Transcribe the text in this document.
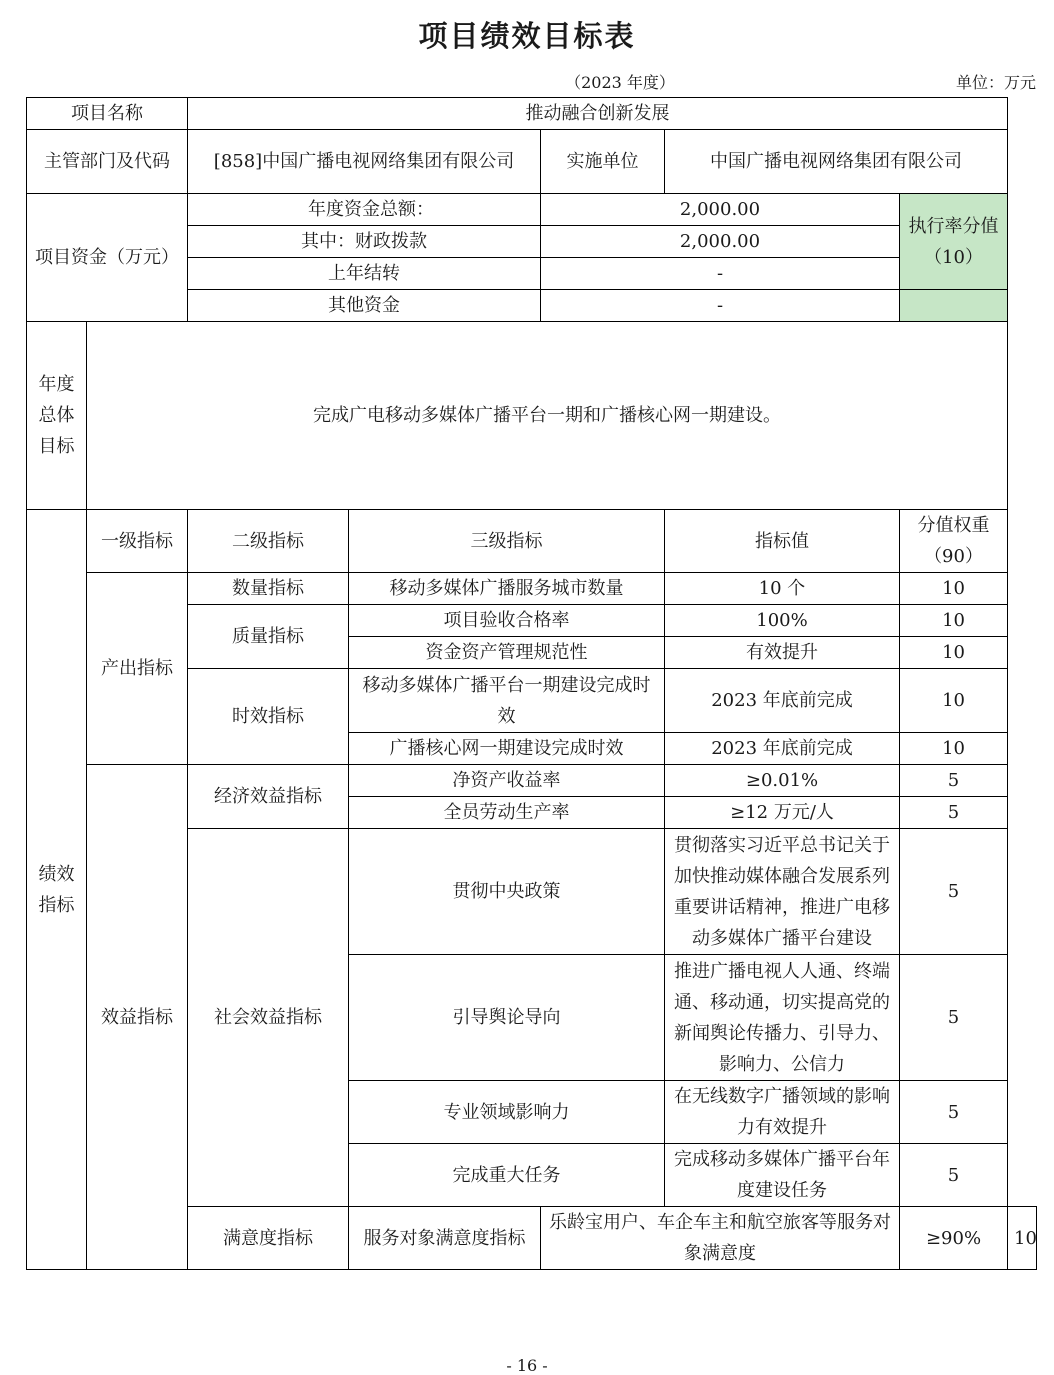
项目绩效目标表
（2023 年度）	单位：万元
项目名称		推动融合创新发展					
主管部门及代码		[858]中国广播电视网络集团有限公司		实施单位	中国广播电视网络集团有限公司		
项目资金（万元）		年度资金总额：		2,000.00		执行率分值（10）	
		其中：财政拨款		2,000.00			
		上年结转		-			
		其他资金		-			
年度总体目标	完成广电移动多媒体广播平台一期和广播核心网一期建设。						
绩效指标	一级指标	二级指标	三级指标		指标值	分值权重（90）	
	产出指标	数量指标	移动多媒体广播服务城市数量		10 个	10	
		质量指标	项目验收合格率		100%	10	
			资金资产管理规范性		有效提升	10	
		时效指标	移动多媒体广播平台一期建设完成时效		2023 年底前完成	10	
			广播核心网一期建设完成时效		2023 年底前完成	10	
	效益指标	经济效益指标	净资产收益率		≥0.01%	5	
			全员劳动生产率		≥12 万元/人	5	
		社会效益指标	贯彻中央政策		贯彻落实习近平总书记关于加快推动媒体融合发展系列重要讲话精神，推进广电移动多媒体广播平台建设	5	
			引导舆论导向		推进广播电视人人通、终端通、移动通，切实提高党的新闻舆论传播力、引导力、影响力、公信力	5	
			专业领域影响力		在无线数字广播领域的影响力有效提升	5	
			完成重大任务		完成移动多媒体广播平台年度建设任务	5	
		满意度指标	服务对象满意度指标	乐龄宝用户、车企车主和航空旅客等服务对象满意度		≥90%	10
- 16 -
